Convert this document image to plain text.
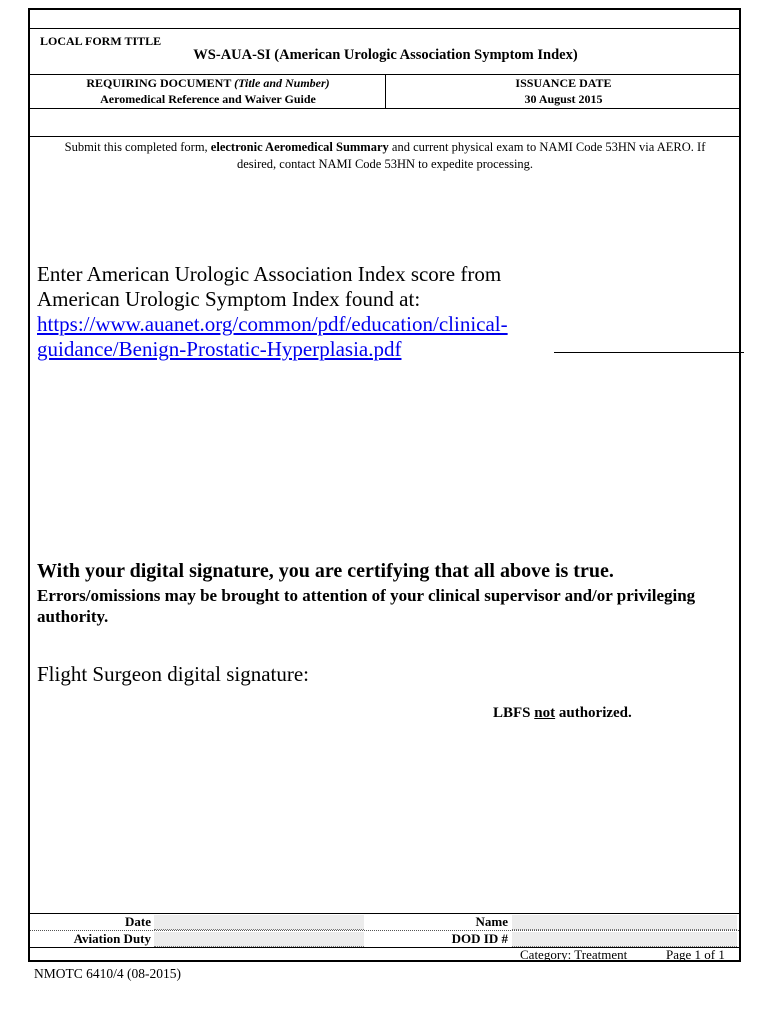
LOCAL FORM TITLE
WS-AUA-SI (American Urologic Association Symptom Index)
REQUIRING DOCUMENT (Title and Number)
Aeromedical Reference and Waiver Guide
ISSUANCE DATE
30 August 2015
Submit this completed form, electronic Aeromedical Summary and current physical exam to NAMI Code 53HN via AERO. If desired, contact NAMI Code 53HN to expedite processing.
Enter American Urologic Association Index score from
American Urologic Symptom Index found at:
https://www.auanet.org/common/pdf/education/clinical-
guidance/Benign-Prostatic-Hyperplasia.pdf
With your digital signature, you are certifying that all above is true.
Errors/omissions may be brought to attention of your clinical supervisor and/or privileging authority.
Flight Surgeon digital signature:
LBFS not authorized.
Date	Name
Aviation Duty	DOD ID #
Category: Treatment	Page 1 of 1
NMOTC 6410/4 (08-2015)
